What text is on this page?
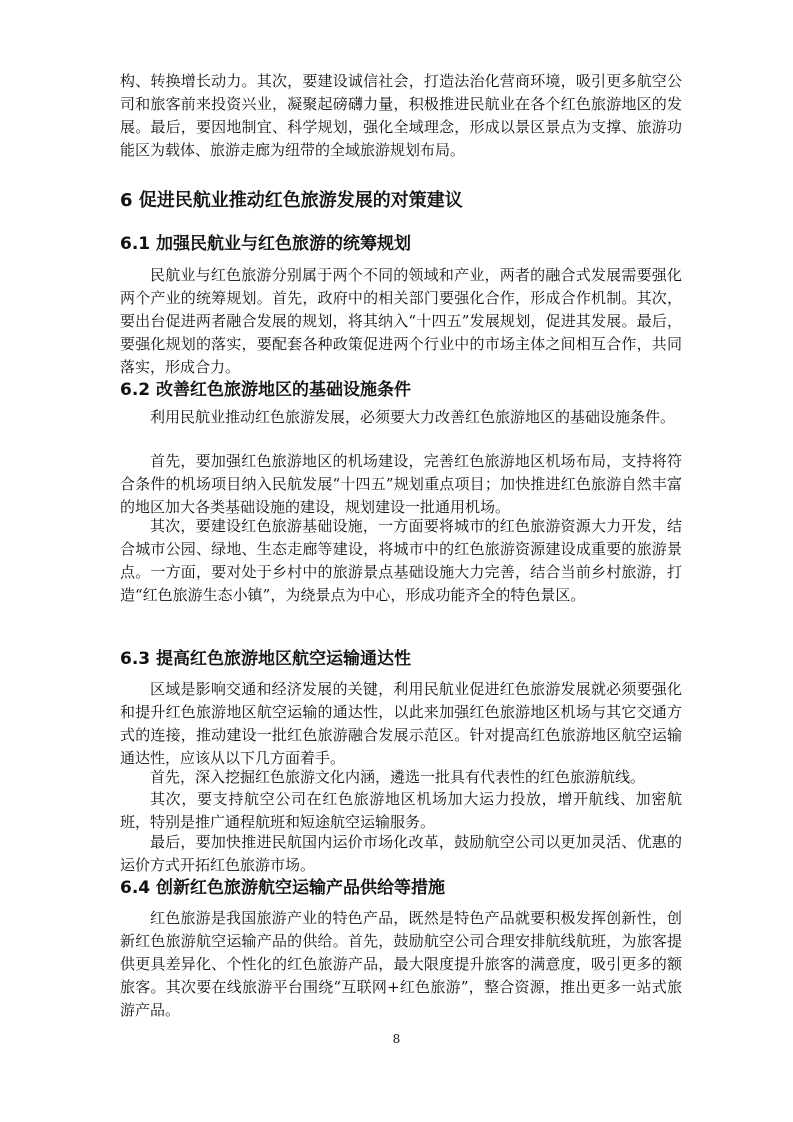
构、转换增长动力。其次，要建设诚信社会，打造法治化营商环境，吸引更多航空公司和旅客前来投资兴业，凝聚起磅礴力量，积极推进民航业在各个红色旅游地区的发展。最后，要因地制宜、科学规划，强化全域理念，形成以景区景点为支撑、旅游功能区为载体、旅游走廊为纽带的全域旅游规划布局。

6 促进民航业推动红色旅游发展的对策建议
6.1 加强民航业与红色旅游的统筹规划

民航业与红色旅游分别属于两个不同的领域和产业，两者的融合式发展需要强化两个产业的统筹规划。首先，政府中的相关部门要强化合作，形成合作机制。其次，要出台促进两者融合发展的规划，将其纳入“十四五”发展规划，促进其发展。最后，要强化规划的落实，要配套各种政策促进两个行业中的市场主体之间相互合作，共同落实，形成合力。

6.2 改善红色旅游地区的基础设施条件

利用民航业推动红色旅游发展，必须要大力改善红色旅游地区的基础设施条件。

首先，要加强红色旅游地区的机场建设，完善红色旅游地区机场布局，支持将符合条件的机场项目纳入民航发展“十四五”规划重点项目；加快推进红色旅游自然丰富的地区加大各类基础设施的建设，规划建设一批通用机场。

其次，要建设红色旅游基础设施，一方面要将城市的红色旅游资源大力开发，结合城市公园、绿地、生态走廊等建设，将城市中的红色旅游资源建设成重要的旅游景点。一方面，要对处于乡村中的旅游景点基础设施大力完善，结合当前乡村旅游，打造“红色旅游生态小镇”，为绕景点为中心，形成功能齐全的特色景区。

6.3 提高红色旅游地区航空运输通达性

区域是影响交通和经济发展的关键，利用民航业促进红色旅游发展就必须要强化和提升红色旅游地区航空运输的通达性，以此来加强红色旅游地区机场与其它交通方式的连接，推动建设一批红色旅游融合发展示范区。针对提高红色旅游地区航空运输通达性，应该从以下几方面着手。

首先，深入挖掘红色旅游文化内涵，遴选一批具有代表性的红色旅游航线。

其次，要支持航空公司在红色旅游地区机场加大运力投放，增开航线、加密航班，特别是推广通程航班和短途航空运输服务。

最后，要加快推进民航国内运价市场化改革，鼓励航空公司以更加灵活、优惠的运价方式开拓红色旅游市场。

6.4 创新红色旅游航空运输产品供给等措施

红色旅游是我国旅游产业的特色产品，既然是特色产品就要积极发挥创新性，创新红色旅游航空运输产品的供给。首先，鼓励航空公司合理安排航线航班，为旅客提供更具差异化、个性化的红色旅游产品，最大限度提升旅客的满意度，吸引更多的额旅客。其次要在线旅游平台围绕“互联网+红色旅游”，整合资源，推出更多一站式旅游产品。

8
